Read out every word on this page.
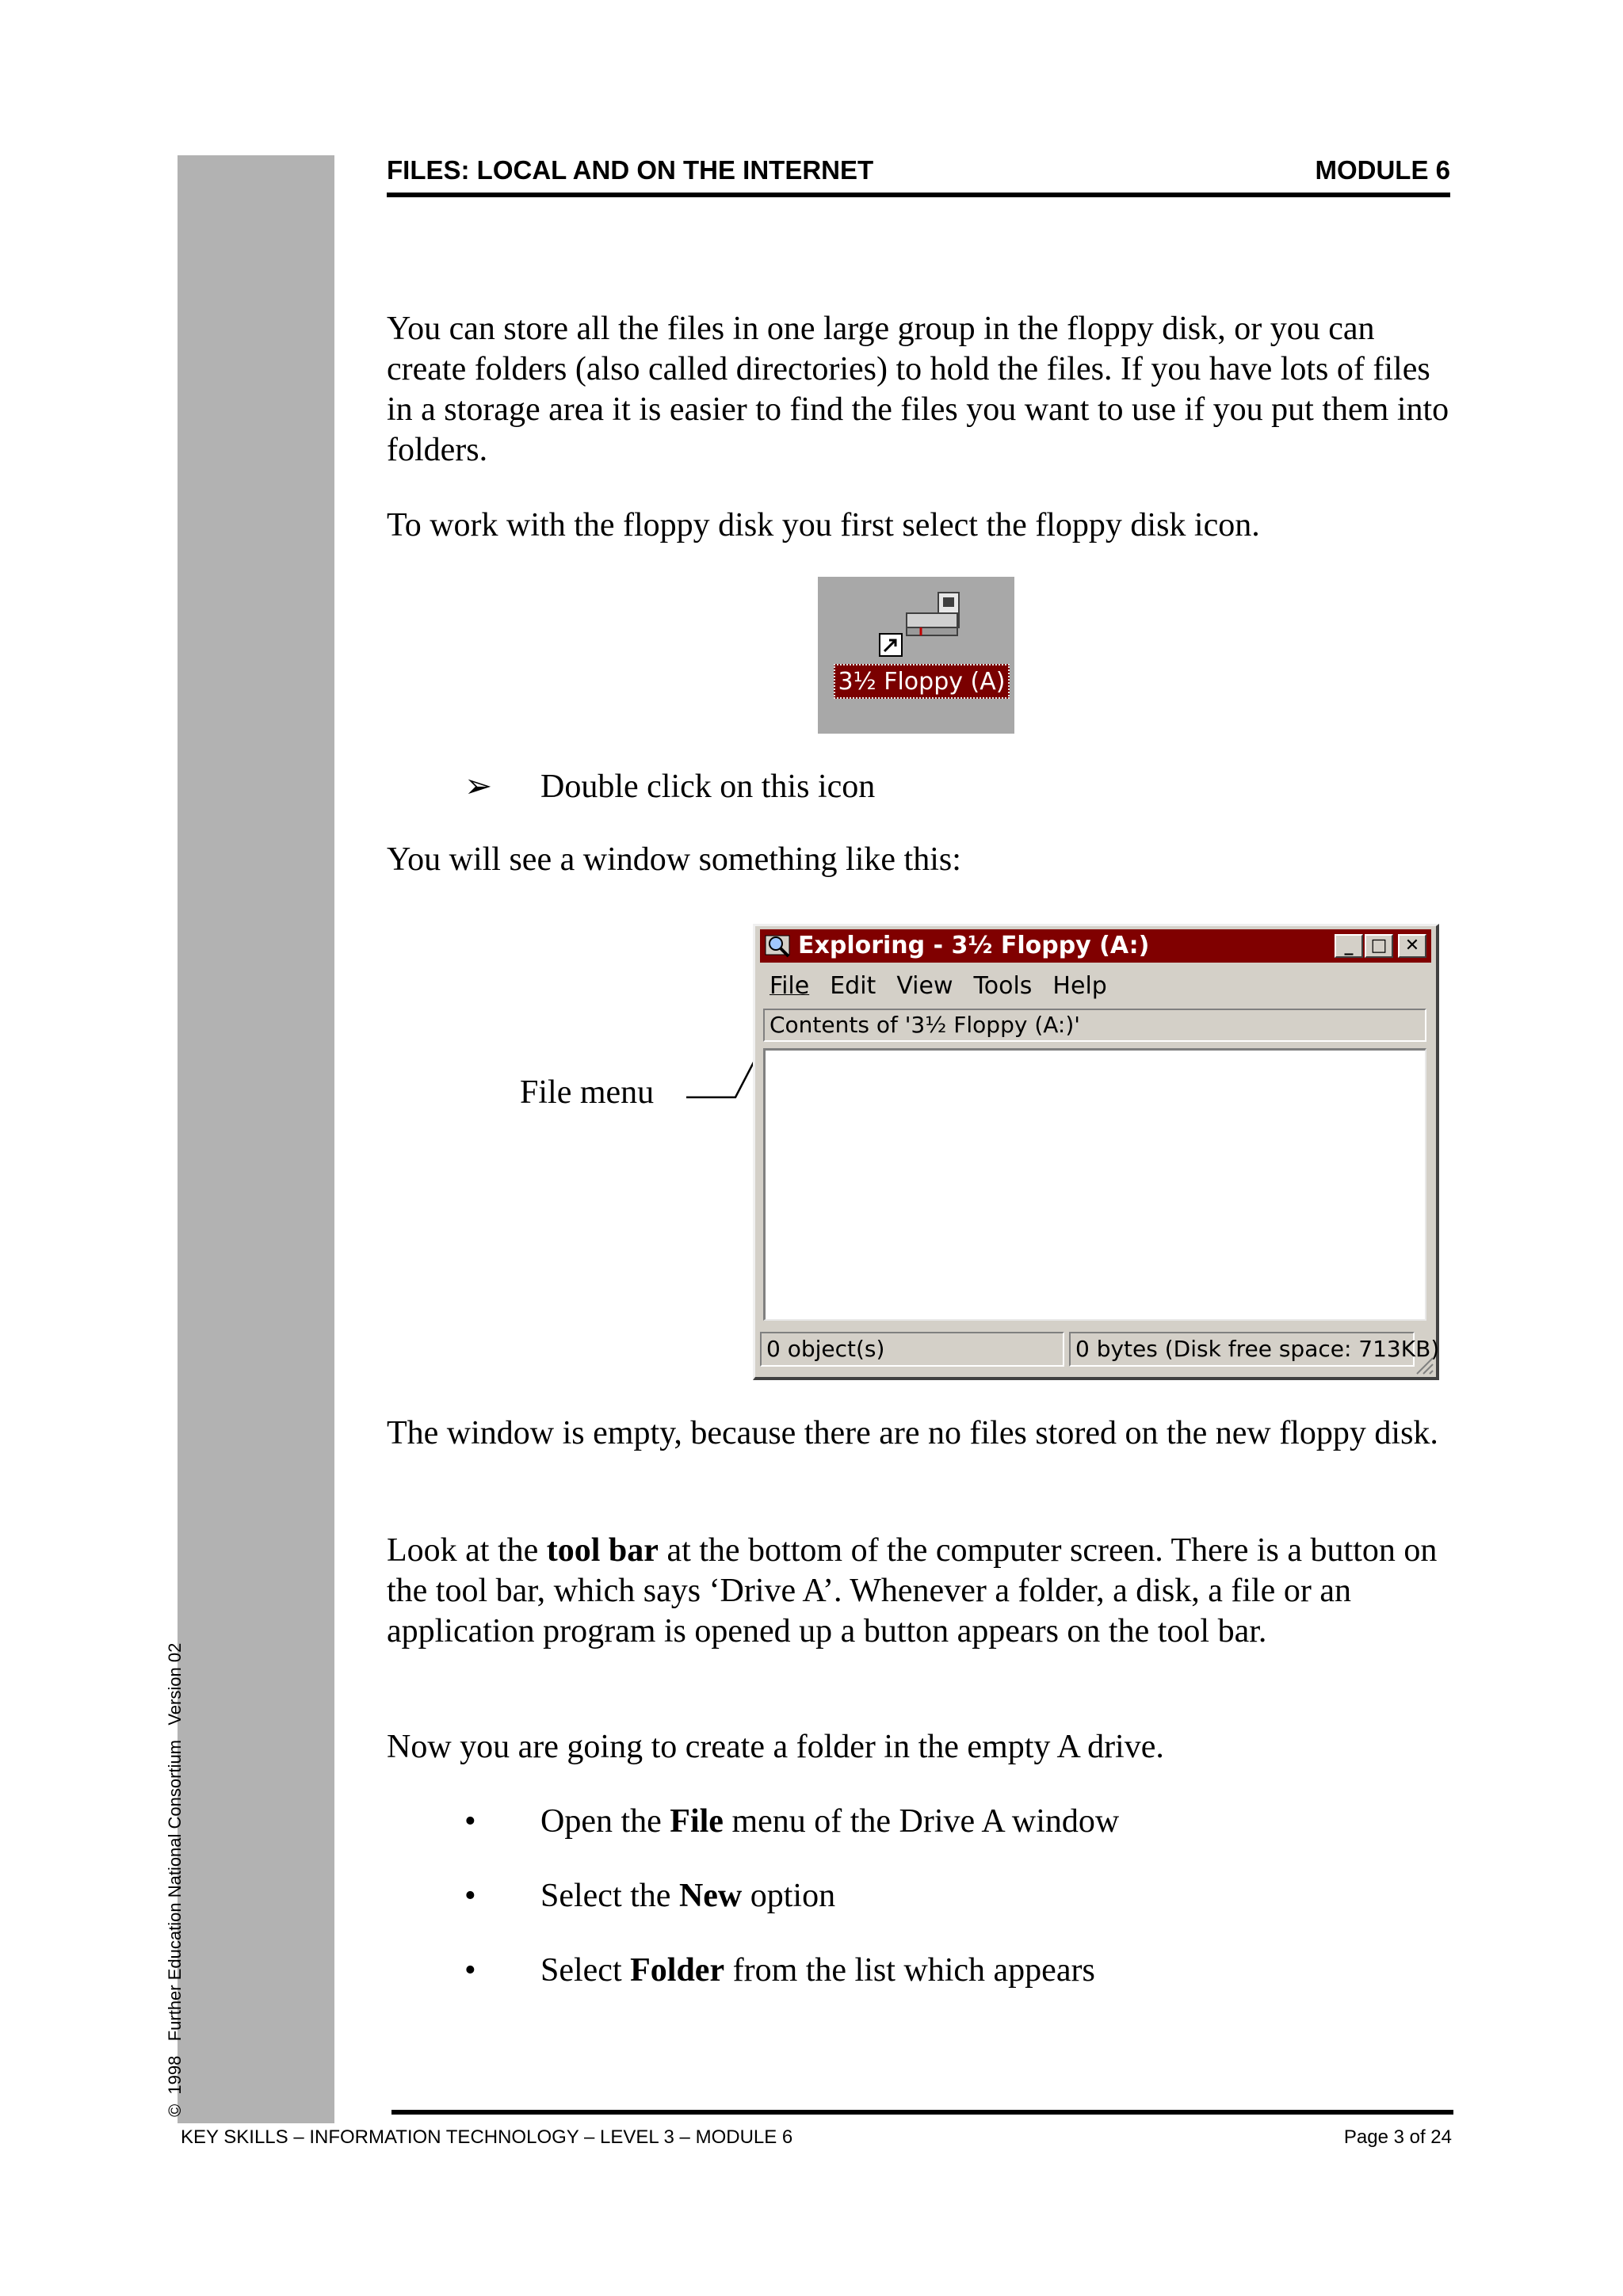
©  1998   Further Education National Consortium   Version 02
FILES: LOCAL AND ON THE INTERNET	MODULE 6

You can store all the files in one large group in the floppy disk, or you can create folders (also called directories) to hold the files. If you have lots of files in a storage area it is easier to find the files you want to use if you put them into folders.

To work with the floppy disk you first select the floppy disk icon.

3½ Floppy (A)
➢ Double click on this icon

You will see a window something like this:

File menu
Exploring - 3½ Floppy (A:)	_	□	✕
File Edit View Tools Help
Contents of '3½ Floppy (A:)'
0 object(s)	0 bytes (Disk free space: 713KB)

The window is empty, because there are no files stored on the new floppy disk.

Look at the tool bar at the bottom of the computer screen. There is a button on the tool bar, which says ‘Drive A’. Whenever a folder, a disk, a file or an application program is opened up a button appears on the tool bar.

Now you are going to create a folder in the empty A drive.

•	Open the File menu of the Drive A window
•	Select the New option
•	Select Folder from the list which appears
KEY SKILLS – INFORMATION TECHNOLOGY – LEVEL 3 – MODULE 6	Page 3 of 24
